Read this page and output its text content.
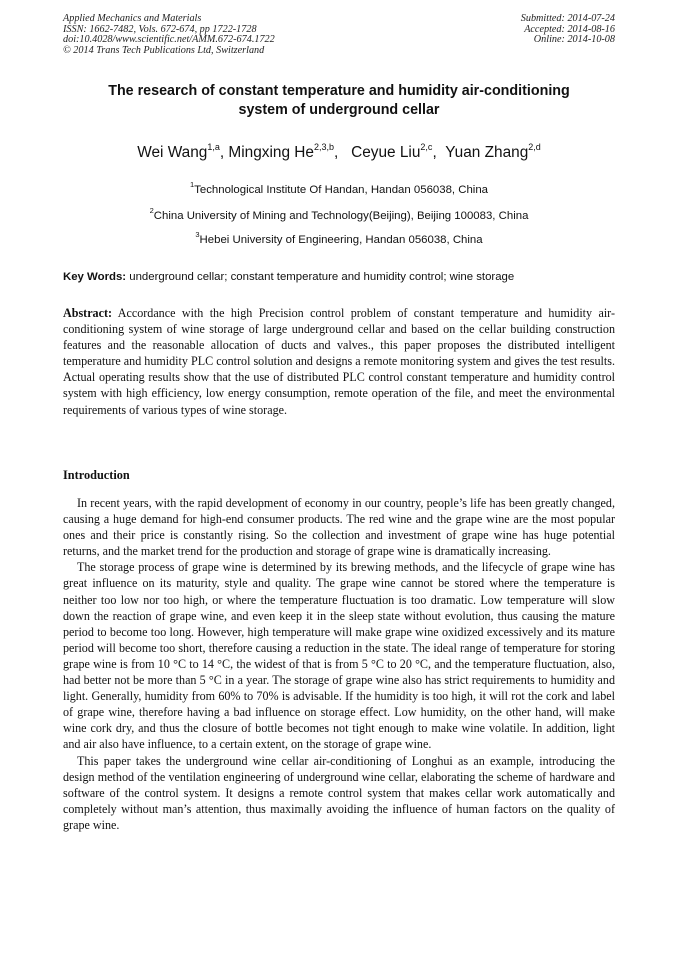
Applied Mechanics and Materials
ISSN: 1662-7482, Vols. 672-674, pp 1722-1728
doi:10.4028/www.scientific.net/AMM.672-674.1722
© 2014 Trans Tech Publications Ltd, Switzerland
Submitted: 2014-07-24
Accepted: 2014-08-16
Online: 2014-10-08
The research of constant temperature and humidity air-conditioning
system of underground cellar
Wei Wang$^{1,a}$, Mingxing He$^{2,3,b}$,   Ceyue Liu$^{2,c}$,  Yuan Zhang$^{2,d}$
$^1$Technological Institute Of Handan, Handan 056038, China
$^2$China University of Mining and Technology(Beijing), Beijing 100083, China
$^3$Hebei University of Engineering, Handan 056038, China
Key Words: underground cellar; constant temperature and humidity control; wine storage
Abstract: Accordance with the high Precision control problem of constant temperature and humidity air-conditioning system of wine storage of large underground cellar and based on the cellar building construction features and the reasonable allocation of ducts and valves., this paper proposes the distributed intelligent temperature and humidity PLC control solution and designs a remote monitoring system and gives the test results. Actual operating results show that the use of distributed PLC control constant temperature and humidity control system with high efficiency, low energy consumption, remote operation of the file, and meet the environmental requirements of various types of wine storage.
Introduction

In recent years, with the rapid development of economy in our country, people’s life has been greatly changed, causing a huge demand for high-end consumer products. The red wine and the grape wine are the most popular ones and their price is constantly rising. So the collection and investment of grape wine has huge potential returns, and the market trend for the production and storage of grape wine is dramatically increasing.

The storage process of grape wine is determined by its brewing methods, and the lifecycle of grape wine has great influence on its maturity, style and quality. The grape wine cannot be stored where the temperature is neither too low nor too high, or where the temperature fluctuation is too dramatic. Low temperature will slow down the reaction of grape wine, and even keep it in the sleep state without evolution, thus causing the mature period to become too long. However, high temperature will make grape wine oxidized excessively and its mature period will become too short, therefore causing a reduction in the state. The ideal range of temperature for storing grape wine is from 10 °C to 14 °C, the widest of that is from 5 °C to 20 °C, and the temperature fluctuation, also, had better not be more than 5 °C in a year. The storage of grape wine also has strict requirements to humidity and light. Generally, humidity from 60% to 70% is advisable. If the humidity is too high, it will rot the cork and label of grape wine, therefore having a bad influence on storage effect. Low humidity, on the other hand, will make wine cork dry, and thus the closure of bottle becomes not tight enough to make wine volatile. In addition, light and air also have influence, to a certain extent, on the storage of grape wine.

This paper takes the underground wine cellar air-conditioning of Longhui as an example, introducing the design method of the ventilation engineering of underground wine cellar, elaborating the scheme of hardware and software of the control system. It designs a remote control system that makes cellar work automatically and completely without man’s attention, thus maximally avoiding the influence of human factors on the quality of grape wine.
